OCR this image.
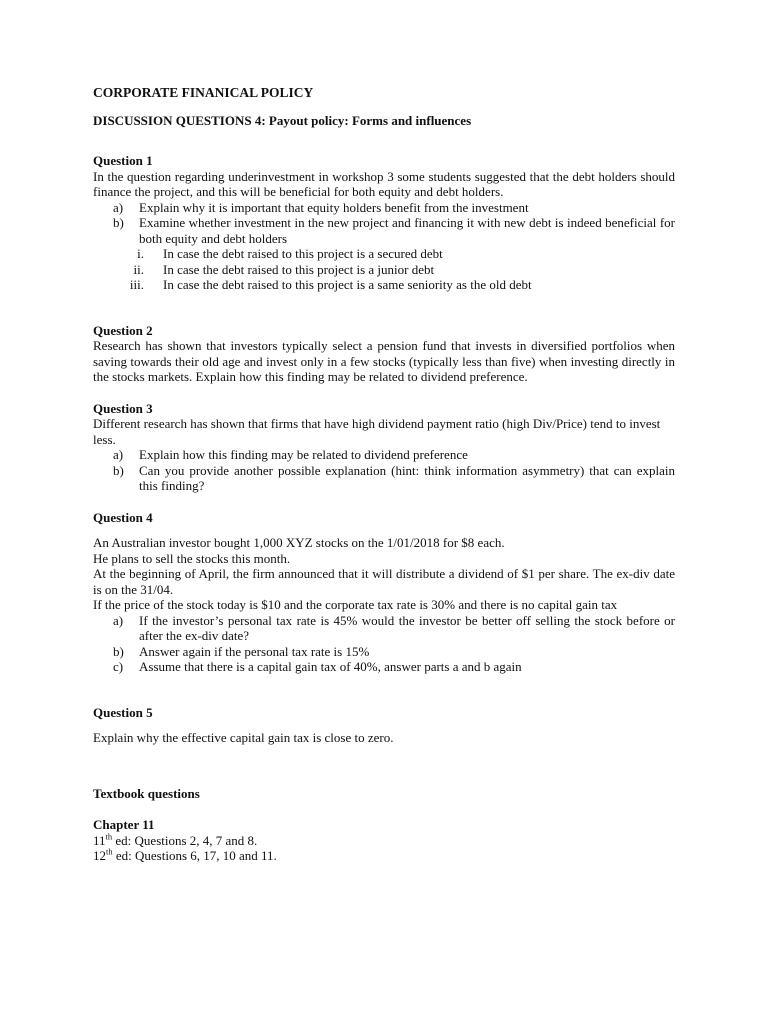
CORPORATE FINANICAL POLICY

DISCUSSION QUESTIONS 4: Payout policy: Forms and influences

Question 1

In the question regarding underinvestment in workshop 3 some students suggested that the debt holders should finance the project, and this will be beneficial for both equity and debt holders.

a)	Explain why it is important that equity holders benefit from the investment
b)	Examine whether investment in the new project and financing it with new debt is indeed beneficial for both equity and debt holders
i.	In case the debt raised to this project is a secured debt
ii.	In case the debt raised to this project is a junior debt
iii.	In case the debt raised to this project is a same seniority as the old debt

Question 2

Research has shown that investors typically select a pension fund that invests in diversified portfolios when saving towards their old age and invest only in a few stocks (typically less than five) when investing directly in the stocks markets. Explain how this finding may be related to dividend preference.

Question 3

Different research has shown that firms that have high dividend payment ratio (high Div/Price) tend to invest less.

a)	Explain how this finding may be related to dividend preference
b)	Can you provide another possible explanation (hint: think information asymmetry) that can explain this finding?

Question 4

An Australian investor bought 1,000 XYZ stocks on the 1/01/2018 for $8 each.

He plans to sell the stocks this month.

At the beginning of April, the firm announced that it will distribute a dividend of $1 per share. The ex-div date is on the 31/04.

If the price of the stock today is $10 and the corporate tax rate is 30% and there is no capital gain tax

a)	If the investor’s personal tax rate is 45% would the investor be better off selling the stock before or after the ex-div date?
b)	Answer again if the personal tax rate is 15%
c)	Assume that there is a capital gain tax of 40%, answer parts a and b again

Question 5

Explain why the effective capital gain tax is close to zero.

Textbook questions

Chapter 11

11th ed: Questions 2, 4, 7 and 8.

12th ed: Questions 6, 17, 10 and 11.
